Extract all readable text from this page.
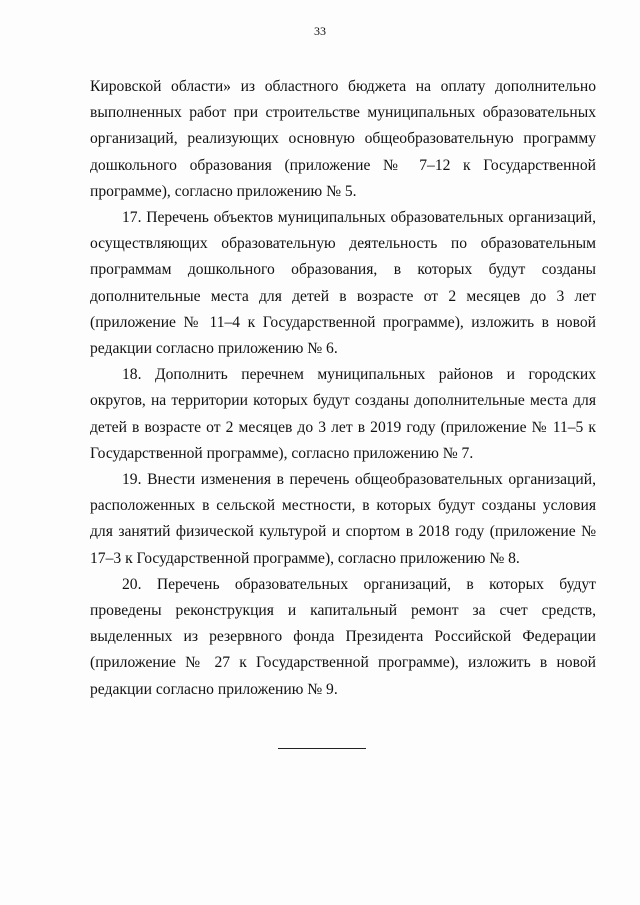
33

Кировской области» из областного бюджета на оплату дополнительно выполненных работ при строительстве муниципальных образовательных организаций, реализующих основную общеобразовательную программу дошкольного образования (приложение № 7–12 к Государственной программе), согласно приложению № 5.

17. Перечень объектов муниципальных образовательных организаций, осуществляющих образовательную деятельность по образовательным программам дошкольного образования, в которых будут созданы дополнительные места для детей в возрасте от 2 месяцев до 3 лет (приложение № 11–4 к Государственной программе), изложить в новой редакции согласно приложению № 6.

18. Дополнить перечнем муниципальных районов и городских округов, на территории которых будут созданы дополнительные места для детей в возрасте от 2 месяцев до 3 лет в 2019 году (приложение № 11–5 к Государственной программе), согласно приложению № 7.

19. Внести изменения в перечень общеобразовательных организаций, расположенных в сельской местности, в которых будут созданы условия для занятий физической культурой и спортом в 2018 году (приложение № 17–3 к Государственной программе), согласно приложению № 8.

20. Перечень образовательных организаций, в которых будут проведены реконструкция и капитальный ремонт за счет средств, выделенных из резервного фонда Президента Российской Федерации (приложение № 27 к Государственной программе), изложить в новой редакции согласно приложению № 9.
